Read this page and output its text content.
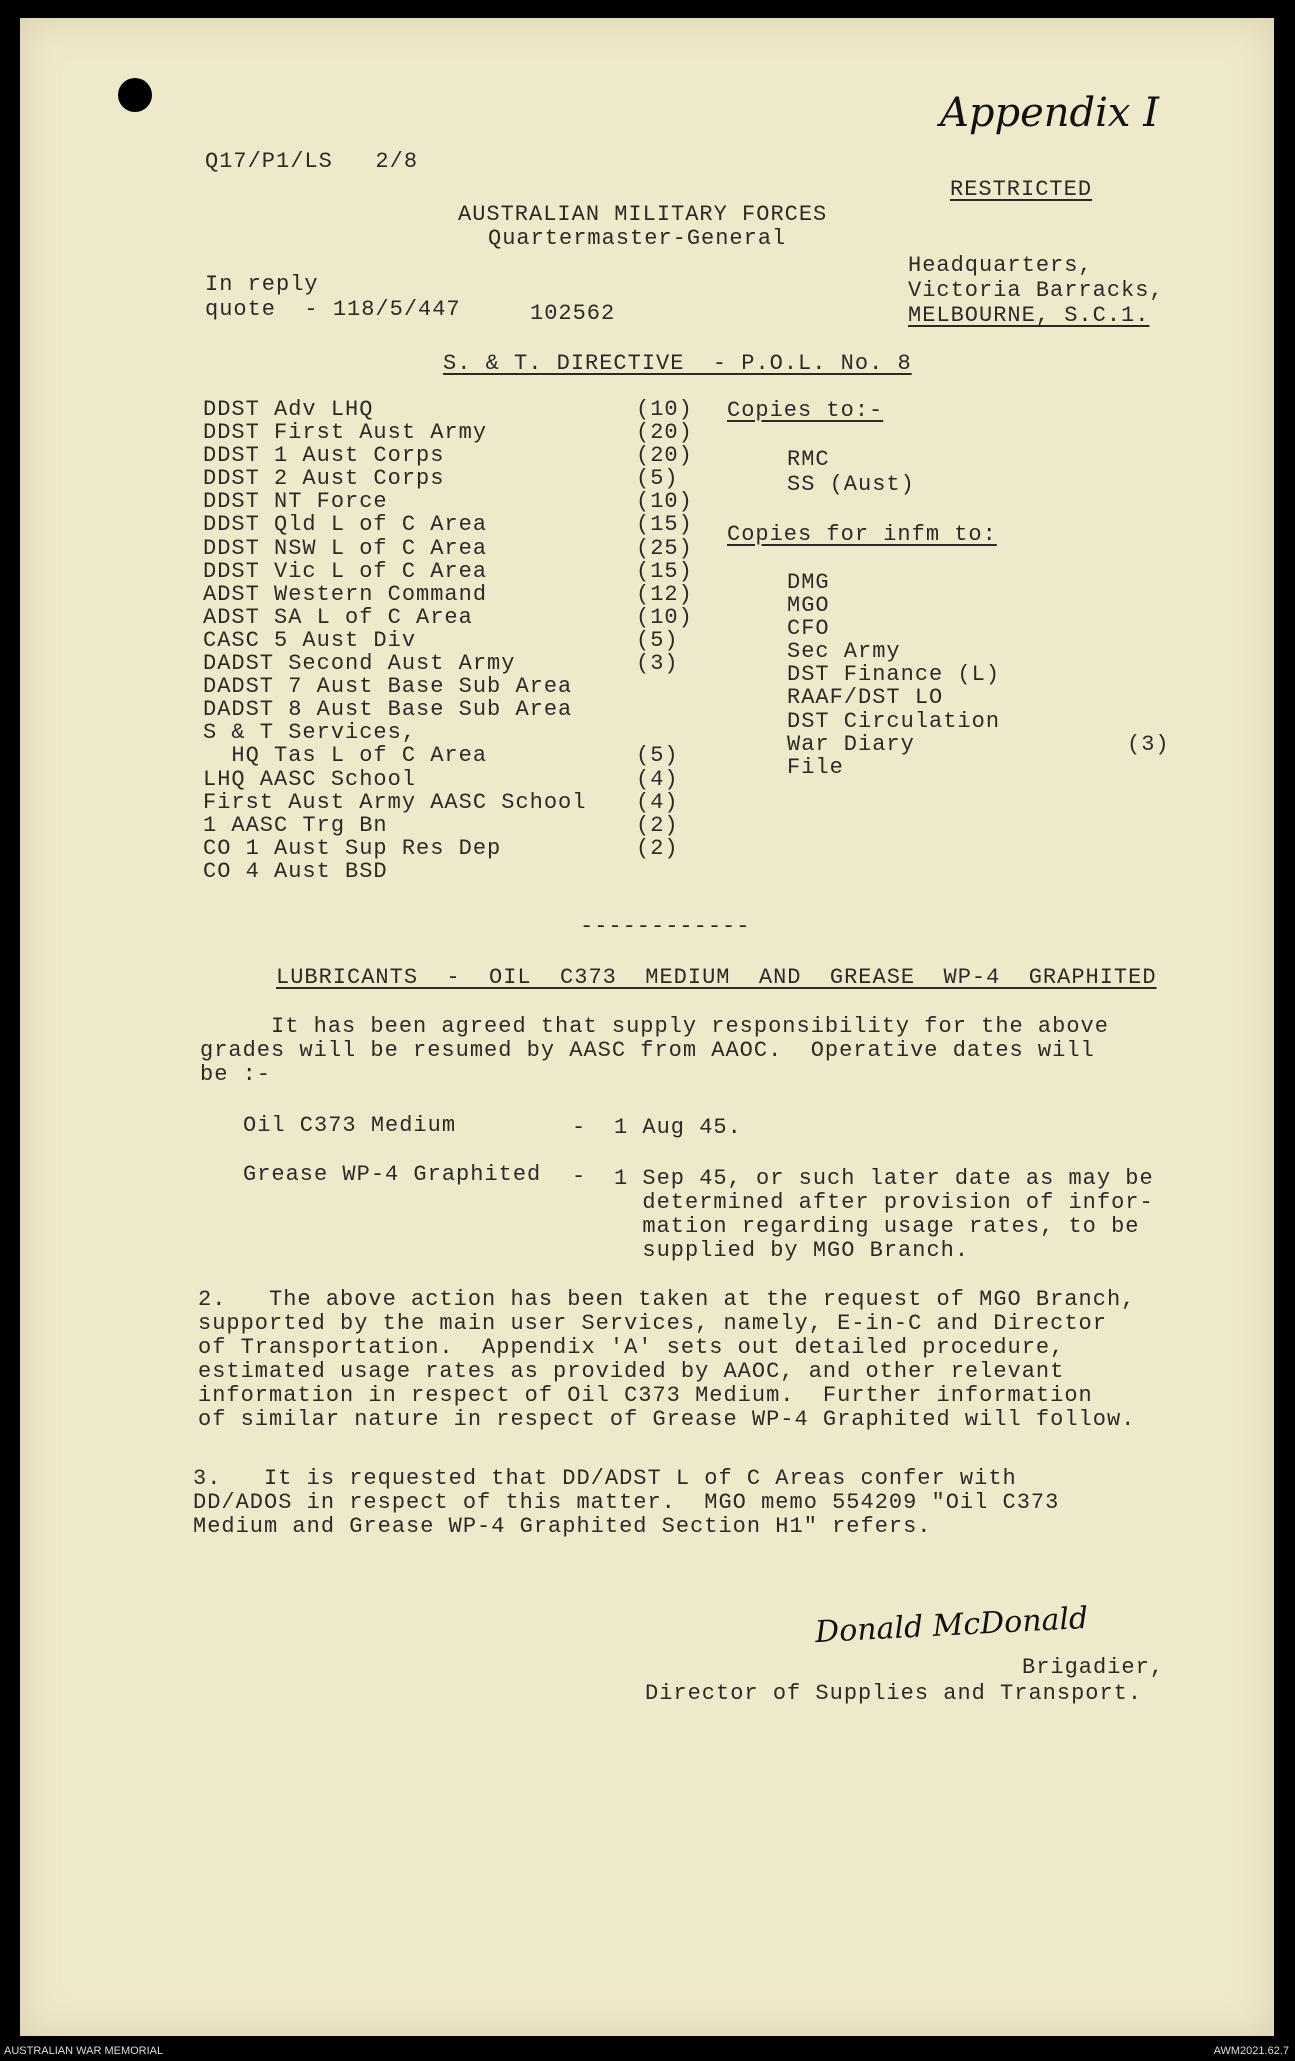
Appendix I
Q17/P1/LS   2/8
RESTRICTED
AUSTRALIAN MILITARY FORCES
Quartermaster-General
Headquarters,
Victoria Barracks,
MELBOURNE, S.C.1.
In reply
quote  - 118/5/447	102562
S. & T. DIRECTIVE  - P.O.L. No. 8
DDST Adv LHQ	(10)
DDST First Aust Army	(20)
DDST 1 Aust Corps	(20)
DDST 2 Aust Corps	(5)
DDST NT Force	(10)
DDST Qld L of C Area	(15)
DDST NSW L of C Area	(25)
DDST Vic L of C Area	(15)
ADST Western Command	(12)
ADST SA L of C Area	(10)
CASC 5 Aust Div	(5)
DADST Second Aust Army	(3)
DADST 7 Aust Base Sub Area
DADST 8 Aust Base Sub Area
S & T Services,
HQ Tas L of C Area	(5)
LHQ AASC School	(4)
First Aust Army AASC School (4)
1 AASC Trg Bn	(2)
CO 1 Aust Sup Res Dep	(2)
CO 4 Aust BSD
Copies to:-
RMC
SS (Aust)
Copies for infm to:
DMG
MGO
CFO
Sec Army
DST Finance (L)
RAAF/DST LO
DST Circulation
War Diary	(3)
File
------------
LUBRICANTS  -  OIL  C373  MEDIUM  AND  GREASE  WP-4  GRAPHITED
It has been agreed that supply responsibility for the above
grades will be resumed by AASC from AAOC.  Operative dates will
be :-
Oil C373 Medium	- 1 Aug 45.
Grease WP-4 Graphited - 1 Sep 45, or such later date as may be
determined after provision of infor-
mation regarding usage rates, to be
supplied by MGO Branch.
2.   The above action has been taken at the request of MGO Branch,
supported by the main user Services, namely, E-in-C and Director
of Transportation.  Appendix 'A' sets out detailed procedure,
estimated usage rates as provided by AAOC, and other relevant
information in respect of Oil C373 Medium.  Further information
of similar nature in respect of Grease WP-4 Graphited will follow.
3.   It is requested that DD/ADST L of C Areas confer with
DD/ADOS in respect of this matter.  MGO memo 554209 "Oil C373
Medium and Grease WP-4 Graphited Section H1" refers.
Donald McDonald
Brigadier,
Director of Supplies and Transport.
AUSTRALIAN WAR MEMORIAL	AWM2021.62.7
